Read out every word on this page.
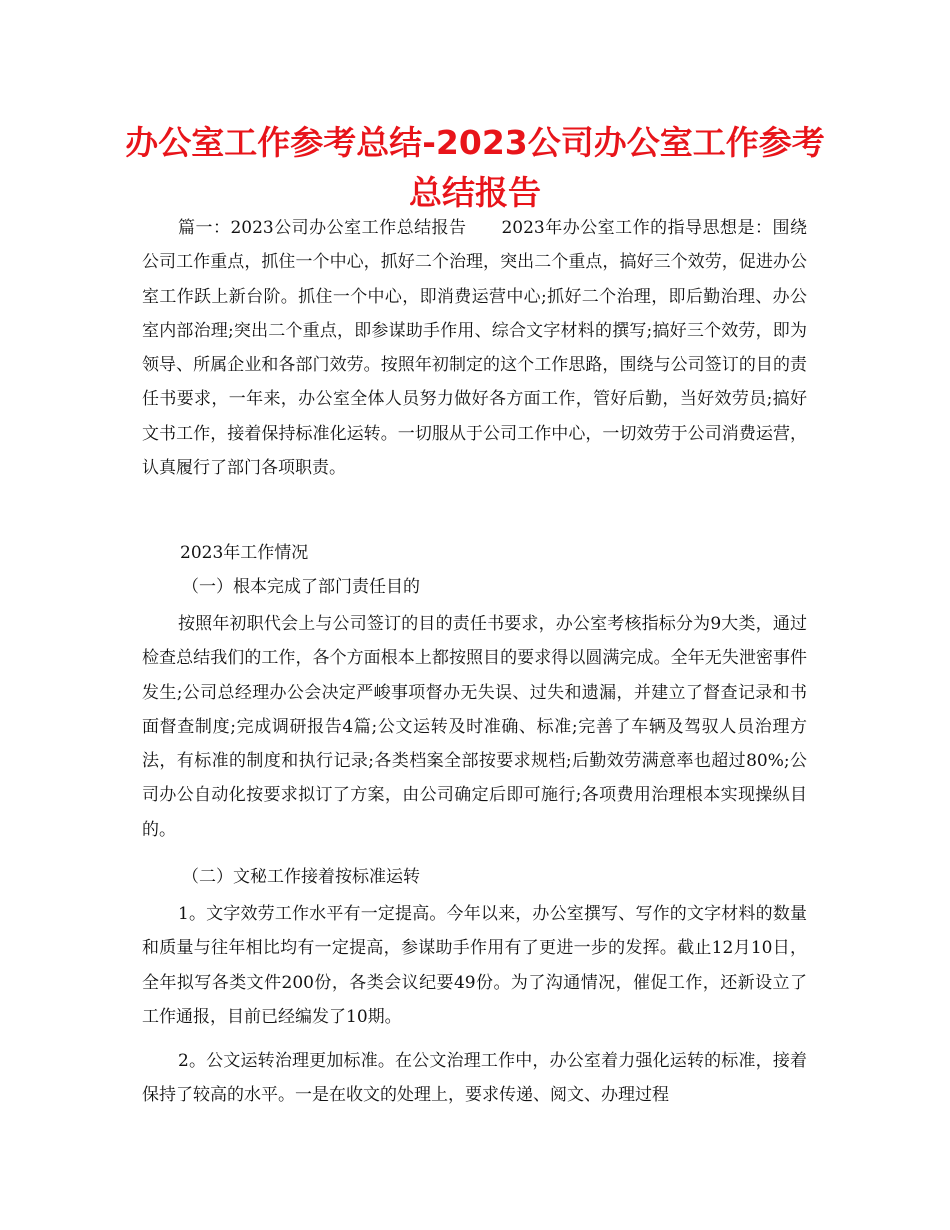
办公室工作参考总结-2023公司办公室工作参考总结报告

篇一：2023公司办公室工作总结报告　　2023年办公室工作的指导思想是：围绕公司工作重点，抓住一个中心，抓好二个治理，突出二个重点，搞好三个效劳，促进办公室工作跃上新台阶。抓住一个中心，即消费运营中心;抓好二个治理，即后勤治理、办公室内部治理;突出二个重点，即参谋助手作用、综合文字材料的撰写;搞好三个效劳，即为领导、所属企业和各部门效劳。按照年初制定的这个工作思路，围绕与公司签订的目的责任书要求，一年来，办公室全体人员努力做好各方面工作，管好后勤，当好效劳员;搞好文书工作，接着保持标准化运转。一切服从于公司工作中心，一切效劳于公司消费运营，认真履行了部门各项职责。

2023年工作情况

（一）根本完成了部门责任目的

按照年初职代会上与公司签订的目的责任书要求，办公室考核指标分为9大类，通过检查总结我们的工作，各个方面根本上都按照目的要求得以圆满完成。全年无失泄密事件发生;公司总经理办公会决定严峻事项督办无失误、过失和遗漏，并建立了督查记录和书面督查制度;完成调研报告4篇;公文运转及时准确、标准;完善了车辆及驾驭人员治理方法，有标准的制度和执行记录;各类档案全部按要求规档;后勤效劳满意率也超过80%;公司办公自动化按要求拟订了方案，由公司确定后即可施行;各项费用治理根本实现操纵目的。

（二）文秘工作接着按标准运转

1。文字效劳工作水平有一定提高。今年以来，办公室撰写、写作的文字材料的数量和质量与往年相比均有一定提高，参谋助手作用有了更进一步的发挥。截止12月10日，全年拟写各类文件200份，各类会议纪要49份。为了沟通情况，催促工作，还新设立了工作通报，目前已经编发了10期。

2。公文运转治理更加标准。在公文治理工作中，办公室着力强化运转的标准，接着保持了较高的水平。一是在收文的处理上，要求传递、阅文、办理过程
